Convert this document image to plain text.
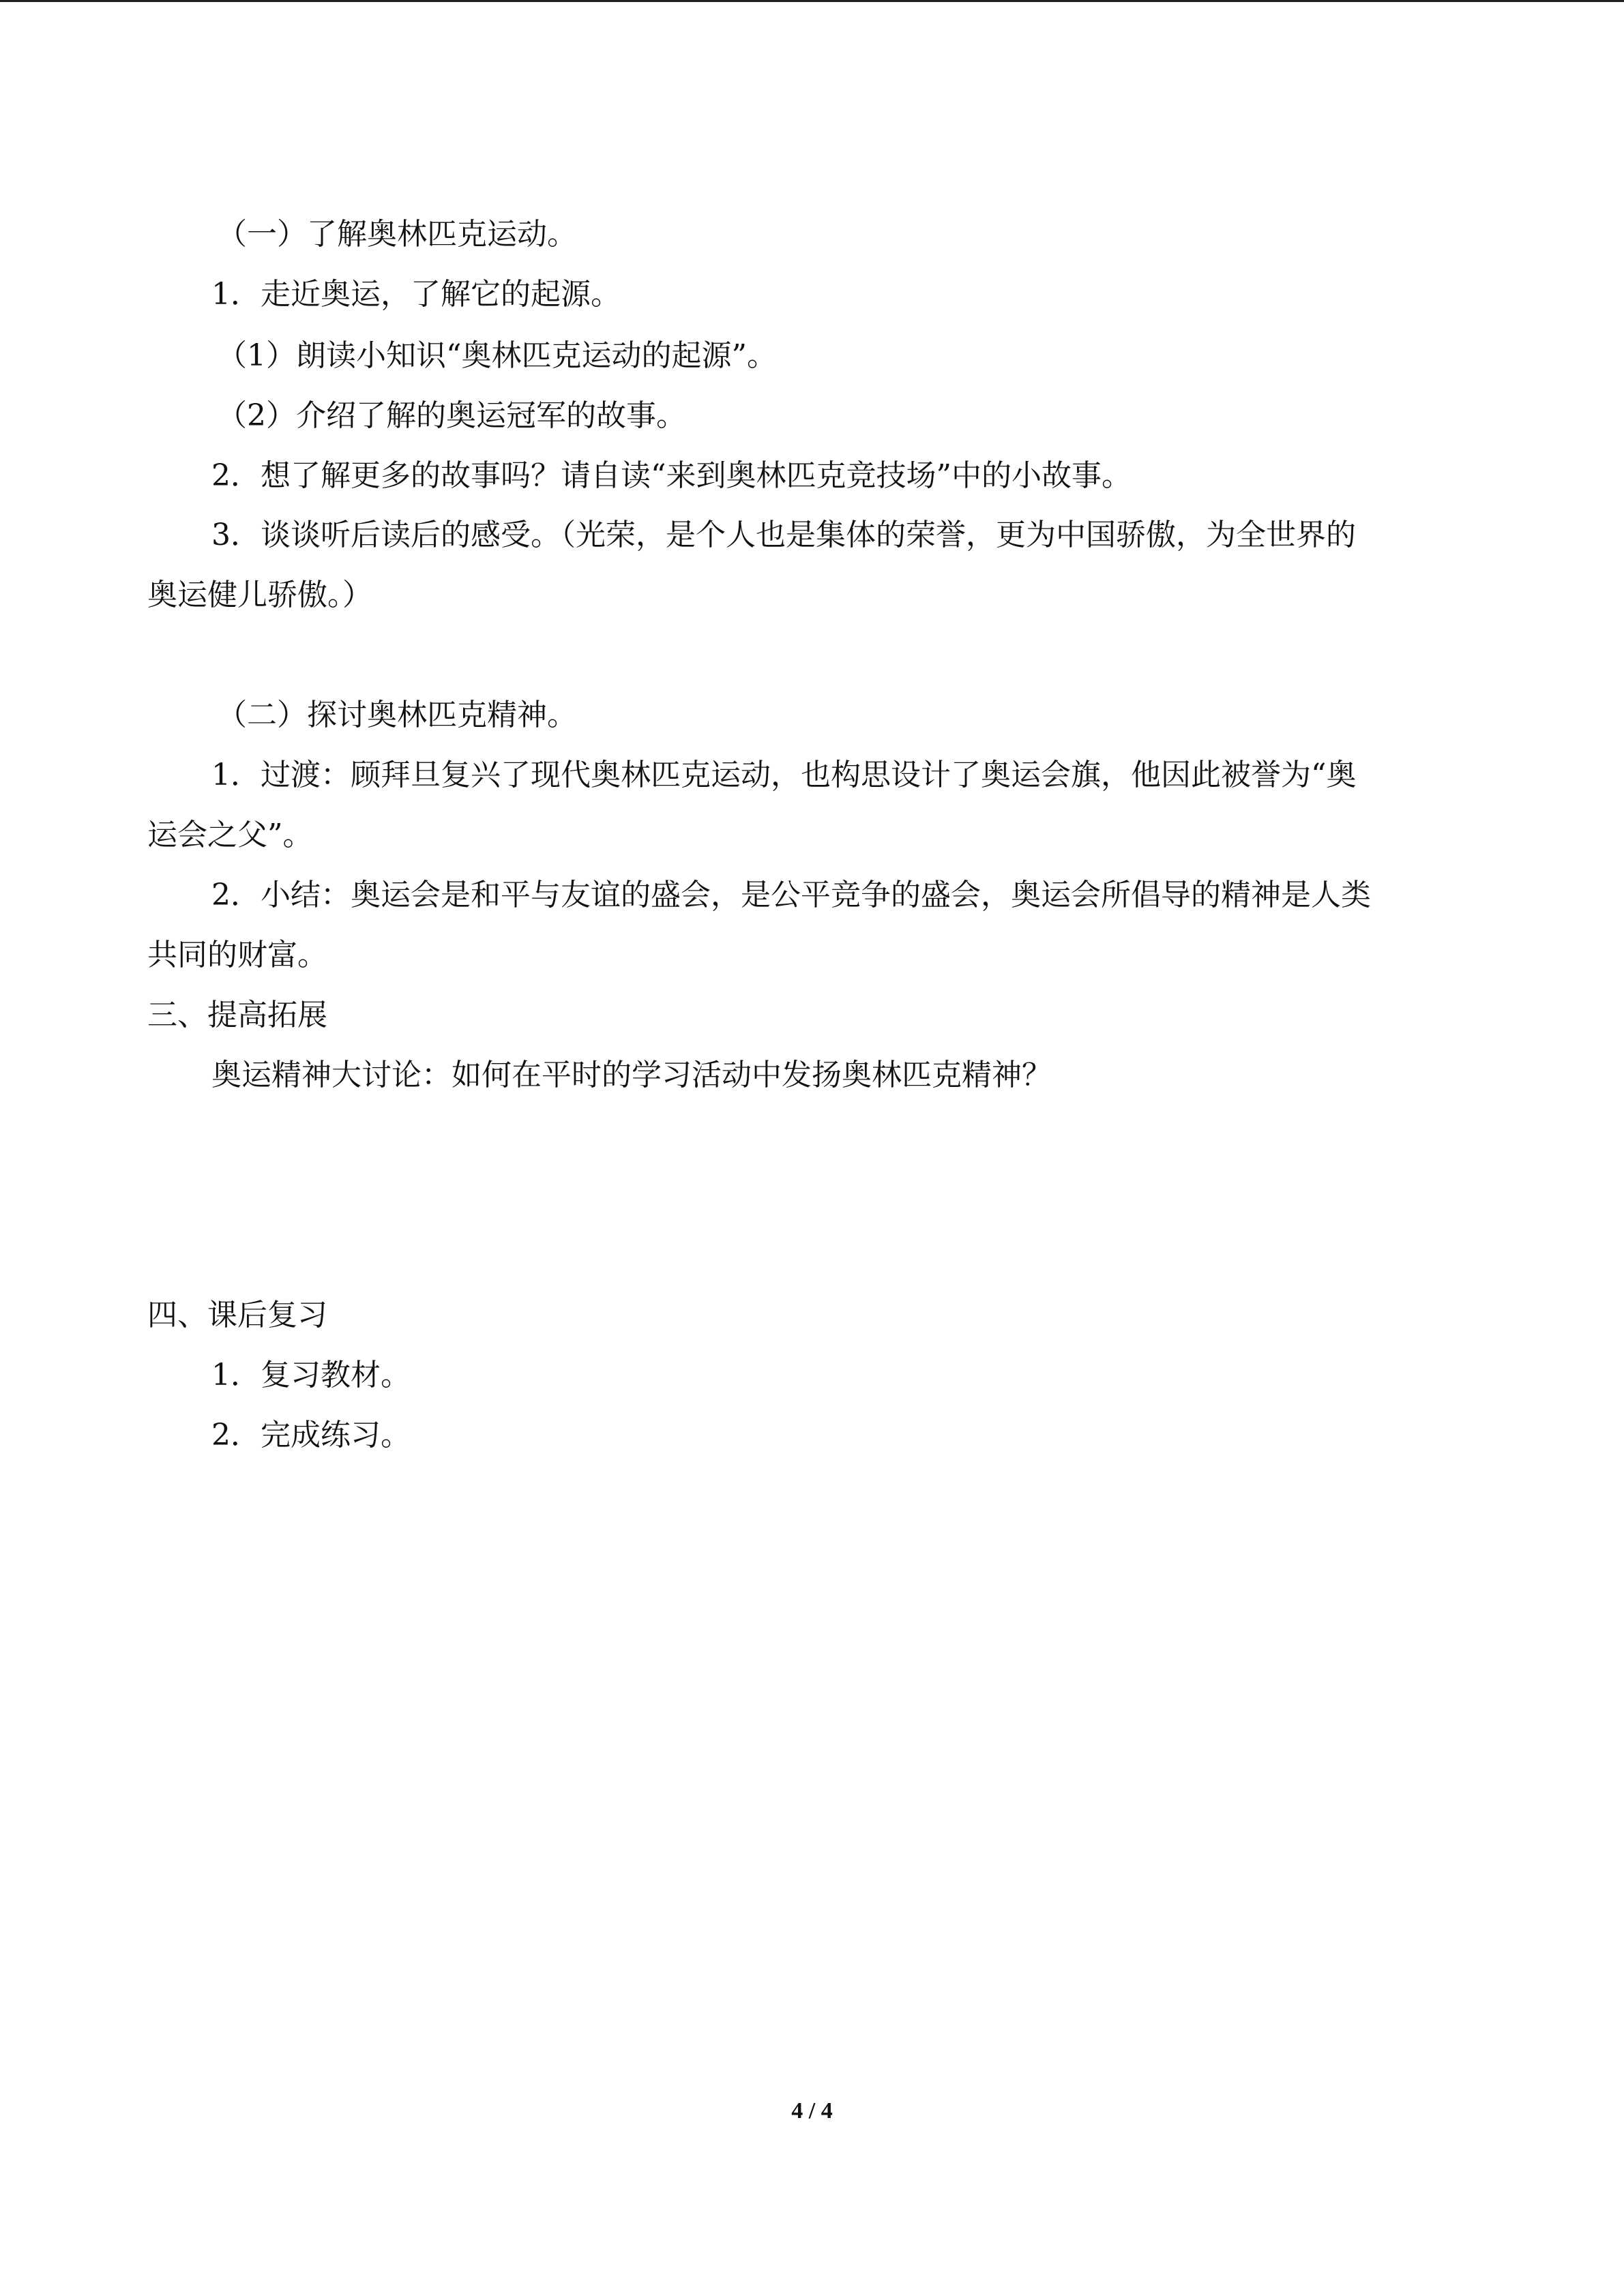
（一）了解奥林匹克运动。
1．走近奥运，了解它的起源。
（1）朗读小知识“奥林匹克运动的起源”。
（2）介绍了解的奥运冠军的故事。
2．想了解更多的故事吗？请自读“来到奥林匹克竞技场”中的小故事。
3．谈谈听后读后的感受。（光荣，是个人也是集体的荣誉，更为中国骄傲，为全世界的
奥运健儿骄傲。）
（二）探讨奥林匹克精神。
1．过渡：顾拜旦复兴了现代奥林匹克运动，也构思设计了奥运会旗，他因此被誉为“奥
运会之父”。
2．小结：奥运会是和平与友谊的盛会，是公平竞争的盛会，奥运会所倡导的精神是人类
共同的财富。
三、提高拓展
奥运精神大讨论：如何在平时的学习活动中发扬奥林匹克精神？
四、课后复习
1．复习教材。
2．完成练习。
4 / 4
